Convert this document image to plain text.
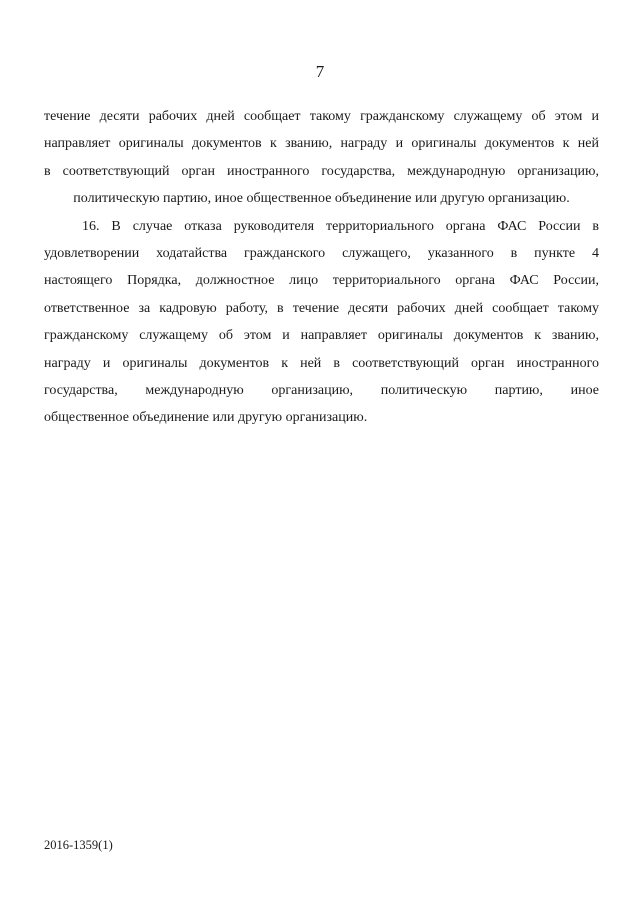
7
течение десяти рабочих дней сообщает такому гражданскому служащему об этом и
направляет оригиналы документов к званию, награду и оригиналы документов к ней
в соответствующий орган иностранного государства, международную организацию,
политическую партию, иное общественное объединение или другую организацию.
16. В случае отказа руководителя территориального органа ФАС России в
удовлетворении ходатайства гражданского служащего, указанного в пункте 4
настоящего Порядка, должностное лицо территориального органа ФАС России,
ответственное за кадровую работу, в течение десяти рабочих дней сообщает такому
гражданскому служащему об этом и направляет оригиналы документов к званию,
награду и оригиналы документов к ней в соответствующий орган иностранного
государства, международную организацию, политическую партию, иное
общественное объединение или другую организацию.
2016-1359(1)
